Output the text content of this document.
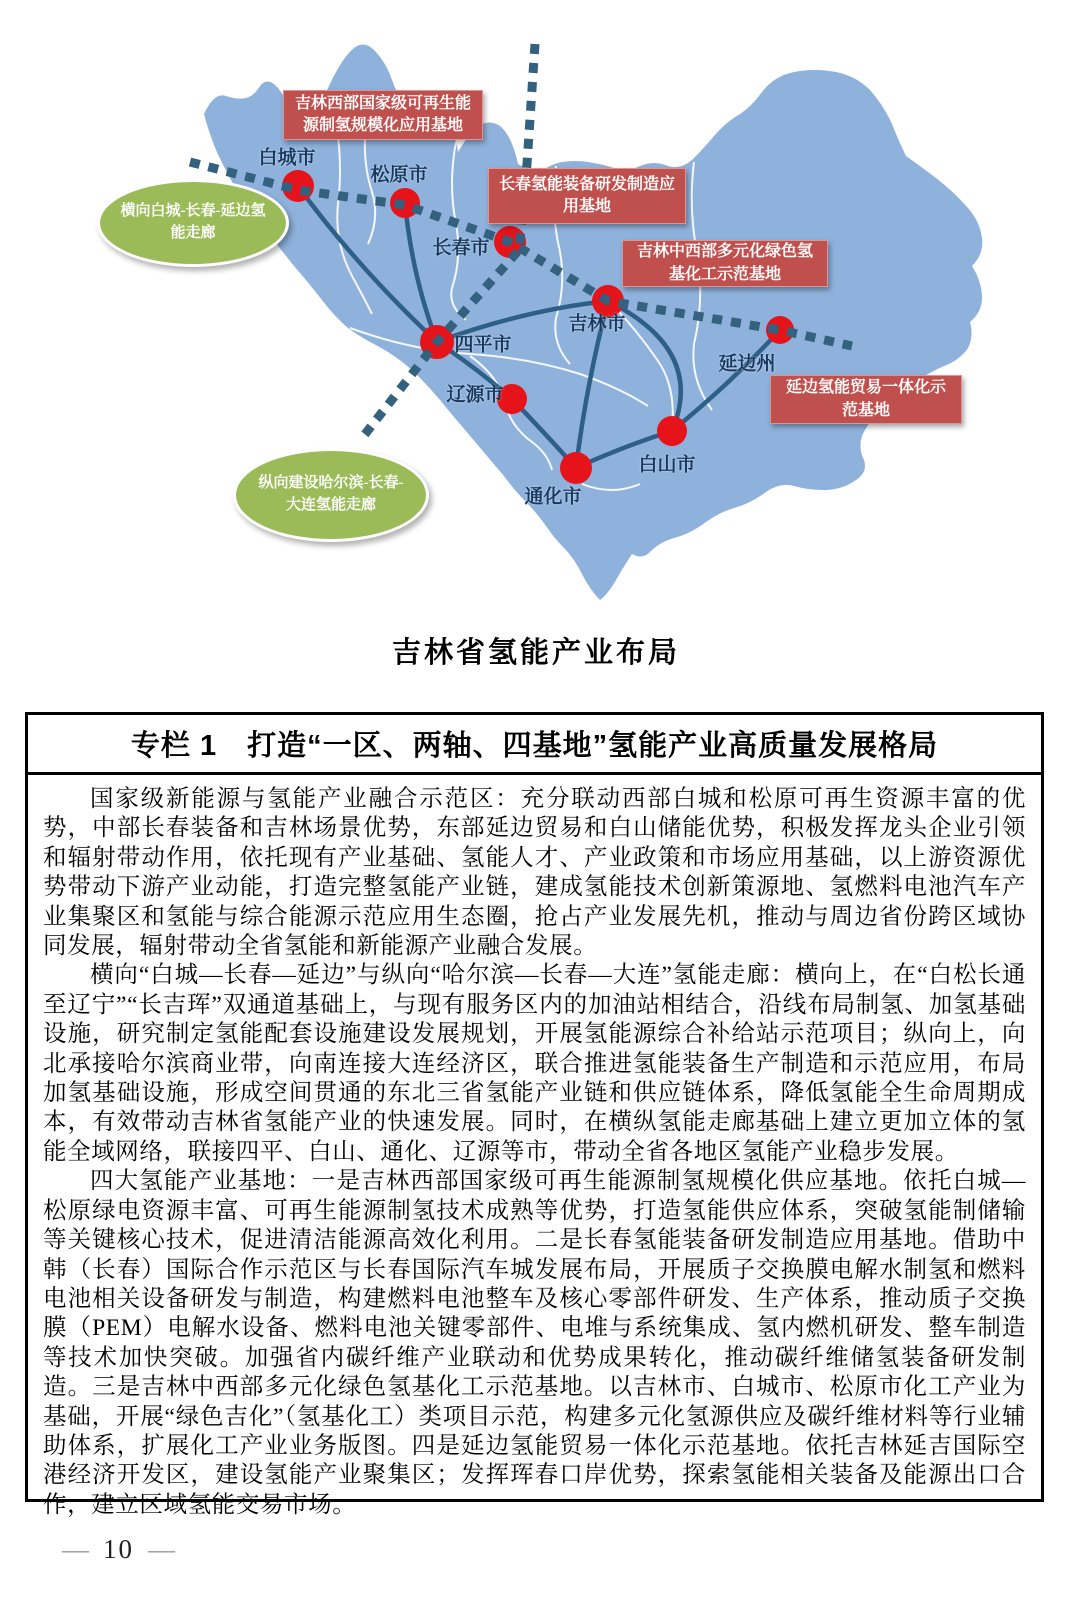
白城市
松原市
长春市
吉林市
四平市
辽源市
延边州
白山市
通化市
吉林西部国家级可再生能源制氢规模化应用基地
长春氢能装备研发制造应用基地
吉林中西部多元化绿色氢基化工示范基地
延边氢能贸易一体化示范基地
横向白城-长春-延边氢能走廊
纵向建设哈尔滨-长春-大连氢能走廊
吉林省氢能产业布局
专栏 1　打造“一区、两轴、四基地”氢能产业高质量发展格局

国家级新能源与氢能产业融合示范区：充分联动西部白城和松原可再生资源丰富的优势，中部长春装备和吉林场景优势，东部延边贸易和白山储能优势，积极发挥龙头企业引领和辐射带动作用，依托现有产业基础、氢能人才、产业政策和市场应用基础，以上游资源优势带动下游产业动能，打造完整氢能产业链，建成氢能技术创新策源地、氢燃料电池汽车产业集聚区和氢能与综合能源示范应用生态圈，抢占产业发展先机，推动与周边省份跨区域协同发展，辐射带动全省氢能和新能源产业融合发展。

横向“白城—长春—延边”与纵向“哈尔滨—长春—大连”氢能走廊：横向上，在“白松长通至辽宁”“长吉珲”双通道基础上，与现有服务区内的加油站相结合，沿线布局制氢、加氢基础设施，研究制定氢能配套设施建设发展规划，开展氢能源综合补给站示范项目；纵向上，向北承接哈尔滨商业带，向南连接大连经济区，联合推进氢能装备生产制造和示范应用，布局加氢基础设施，形成空间贯通的东北三省氢能产业链和供应链体系，降低氢能全生命周期成本，有效带动吉林省氢能产业的快速发展。同时，在横纵氢能走廊基础上建立更加立体的氢能全域网络，联接四平、白山、通化、辽源等市，带动全省各地区氢能产业稳步发展。

四大氢能产业基地：一是吉林西部国家级可再生能源制氢规模化供应基地。依托白城—松原绿电资源丰富、可再生能源制氢技术成熟等优势，打造氢能供应体系，突破氢能制储输等关键核心技术，促进清洁能源高效化利用。二是长春氢能装备研发制造应用基地。借助中韩（长春）国际合作示范区与长春国际汽车城发展布局，开展质子交换膜电解水制氢和燃料电池相关设备研发与制造，构建燃料电池整车及核心零部件研发、生产体系，推动质子交换膜（PEM）电解水设备、燃料电池关键零部件、电堆与系统集成、氢内燃机研发、整车制造等技术加快突破。加强省内碳纤维产业联动和优势成果转化，推动碳纤维储氢装备研发制造。三是吉林中西部多元化绿色氢基化工示范基地。以吉林市、白城市、松原市化工产业为基础，开展“绿色吉化”（氢基化工）类项目示范，构建多元化氢源供应及碳纤维材料等行业辅助体系，扩展化工产业业务版图。四是延边氢能贸易一体化示范基地。依托吉林延吉国际空港经济开发区，建设氢能产业聚集区；发挥珲春口岸优势，探索氢能相关装备及能源出口合作，建立区域氢能交易市场。

— 10 —
